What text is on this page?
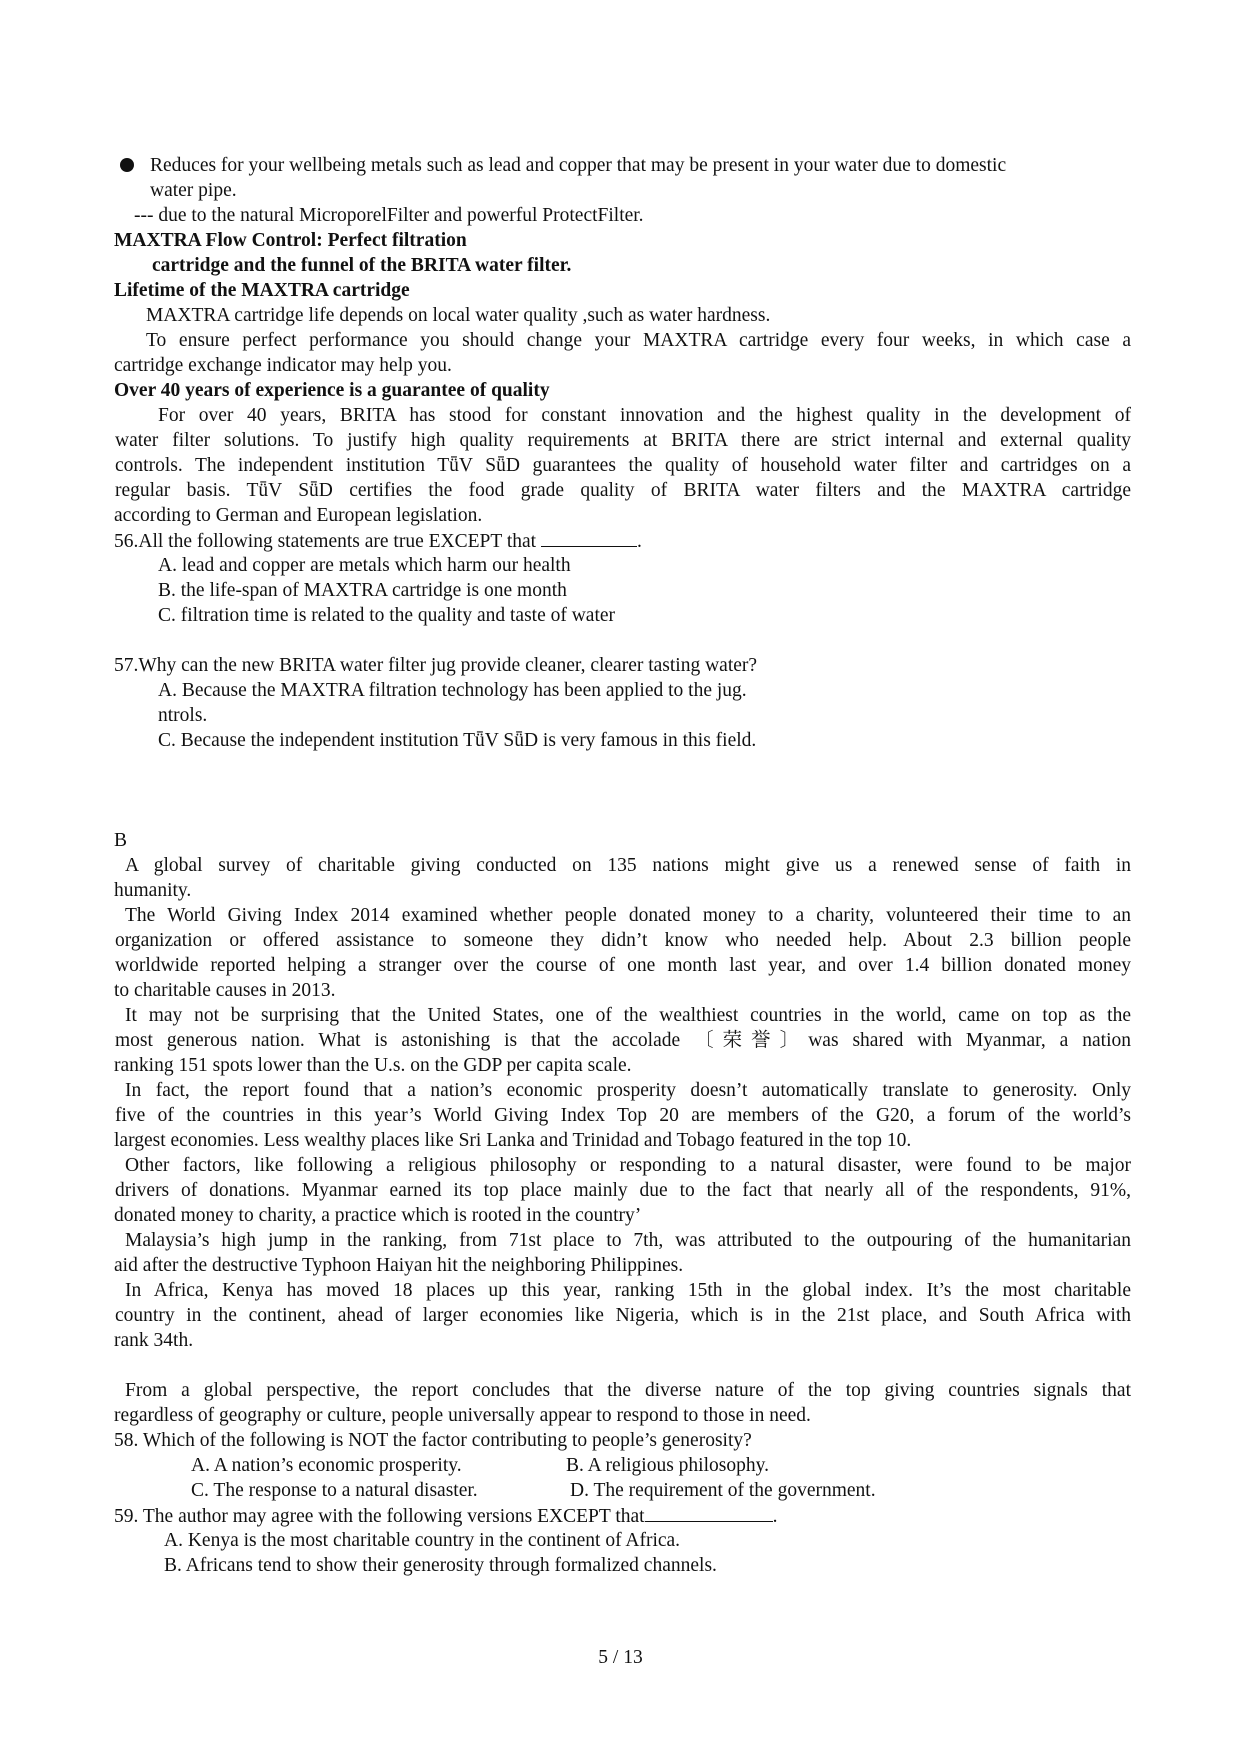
Reduces for your wellbeing metals such as lead and copper that may be present in your water due to domestic
water pipe.
--- due to the natural MicroporelFilter and powerful ProtectFilter.
MAXTRA Flow Control: Perfect filtration
cartridge and the funnel of the BRITA water filter.
Lifetime of the MAXTRA cartridge
MAXTRA cartridge life depends on local water quality ,such as water hardness.
To ensure perfect performance you should change your MAXTRA cartridge every four weeks, in which case a
cartridge exchange indicator may help you.
Over 40 years of experience is a guarantee of quality
For over 40 years, BRITA has stood for constant innovation and the highest quality in the development of
water filter solutions. To justify high quality requirements at BRITA there are strict internal and external quality
controls. The independent institution TǖV SǖD guarantees the quality of household water filter and cartridges on a
regular basis. TǖV SǖD certifies the food grade quality of BRITA water filters and the MAXTRA cartridge
according to German and European legislation.
56.All the following statements are true EXCEPT that	.
A. lead and copper are metals which harm our health
B. the life-span of MAXTRA cartridge is one month
C. filtration time is related to the quality and taste of water
57.Why can the new BRITA water filter jug provide cleaner, clearer tasting water?
A. Because the MAXTRA filtration technology has been applied to the jug.
ntrols.
C. Because the independent institution TǖV SǖD is very famous in this field.
B
A global survey of charitable giving conducted on 135 nations might give us a renewed sense of faith in
humanity.
The World Giving Index 2014 examined whether people donated money to a charity, volunteered their time to an
organization or offered assistance to someone they didn’t know who needed help. About 2.3 billion people
worldwide reported helping a stranger over the course of one month last year, and over 1.4 billion donated money
to charitable causes in 2013.
It may not be surprising that the United States, one of the wealthiest countries in the world, came on top as the
most generous nation. What is astonishing is that the accolade 〔荣誉〕was shared with Myanmar, a nation
ranking 151 spots lower than the U.s. on the GDP per capita scale.
In fact, the report found that a nation’s economic prosperity doesn’t automatically translate to generosity. Only
five of the countries in this year’s World Giving Index Top 20 are members of the G20, a forum of the world’s
largest economies. Less wealthy places like Sri Lanka and Trinidad and Tobago featured in the top 10.
Other factors, like following a religious philosophy or responding to a natural disaster, were found to be major
drivers of donations. Myanmar earned its top place mainly due to the fact that nearly all of the respondents, 91%,
donated money to charity, a practice which is rooted in the country’
Malaysia’s high jump in the ranking, from 71st place to 7th, was attributed to the outpouring of the humanitarian
aid after the destructive Typhoon Haiyan hit the neighboring Philippines.
In Africa, Kenya has moved 18 places up this year, ranking 15th in the global index. It’s the most charitable
country in the continent, ahead of larger economies like Nigeria, which is in the 21st place, and South Africa with
rank 34th.
From a global perspective, the report concludes that the diverse nature of the top giving countries signals that
regardless of geography or culture, people universally appear to respond to those in need.
58. Which of the following is NOT the factor contributing to people’s generosity?
A. A nation’s economic prosperity.	B. A religious philosophy.
C. The response to a natural disaster.	D. The requirement of the government.
59. The author may agree with the following versions EXCEPT that	.
A. Kenya is the most charitable country in the continent of Africa.
B. Africans tend to show their generosity through formalized channels.
5 / 13
